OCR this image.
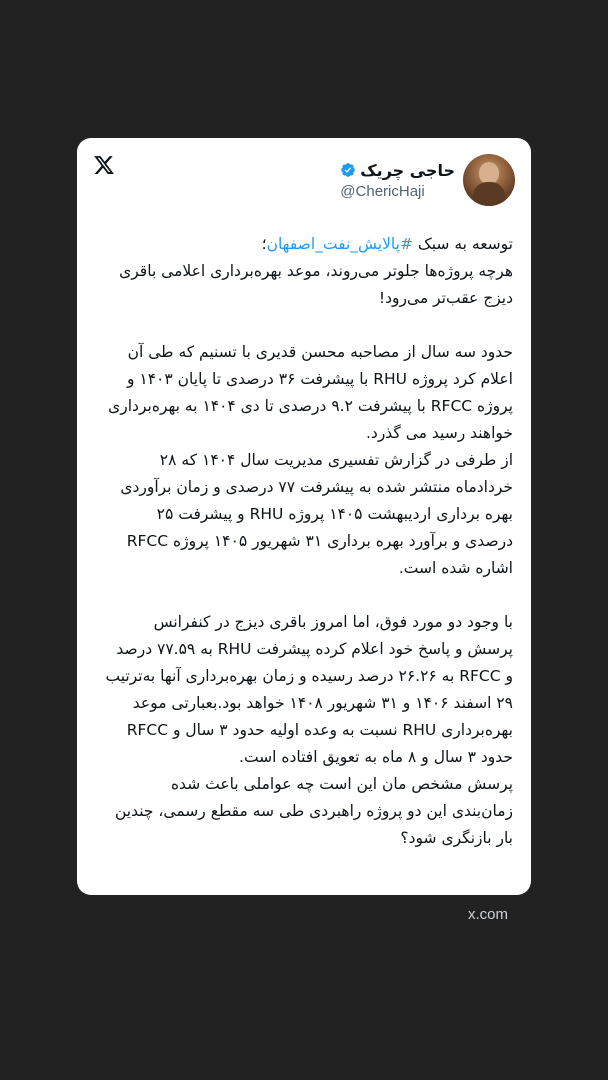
حاجی چریک
@ChericHaji

توسعه به سبک #پالایش_نفت_اصفهان؛

هرچه پروژه‌ها جلوتر می‌روند، موعد بهره‌برداری اعلامی باقری دیزج عقب‌تر می‌رود!

حدود سه سال از مصاحبه محسن قدیری با تسنیم که طی آن اعلام کرد پروژه RHU با پیشرفت ۳۶ درصدی تا پایان ۱۴۰۳ و پروژه RFCC با پیشرفت ۹.۲ درصدی تا دی ۱۴۰۴ به بهره‌برداری خواهند رسید می گذرد.

از طرفی در گزارش تفسیری مدیریت سال ۱۴۰۴ که ۲۸ خردادماه منتشر شده به پیشرفت ۷۷ درصدی و زمان برآوردی بهره برداری اردیبهشت ۱۴۰۵ پروژه RHU و پیشرفت ۲۵ درصدی و برآورد بهره برداری ۳۱ شهریور ۱۴۰۵ پروژه RFCC اشاره شده است.

با وجود دو مورد فوق، اما امروز باقری دیزج در کنفرانس پرسش و پاسخ خود اعلام کرده پیشرفت RHU به ۷۷.۵۹ درصد و RFCC به ۲۶.۲۶ درصد رسیده و زمان بهره‌برداری آنها به‌ترتیب ۲۹ اسفند ۱۴۰۶ و ۳۱ شهریور ۱۴۰۸ خواهد بود.بعبارتی موعد بهره‌برداری RHU نسبت به وعده اولیه حدود ۳ سال و RFCC حدود ۳ سال و ۸ ماه به تعویق افتاده است.

پرسش مشخص مان این است چه عواملی باعث شده زمان‌بندی این دو پروژه راهبردی طی سه مقطع رسمی، چندین بار بازنگری شود؟

x.com
